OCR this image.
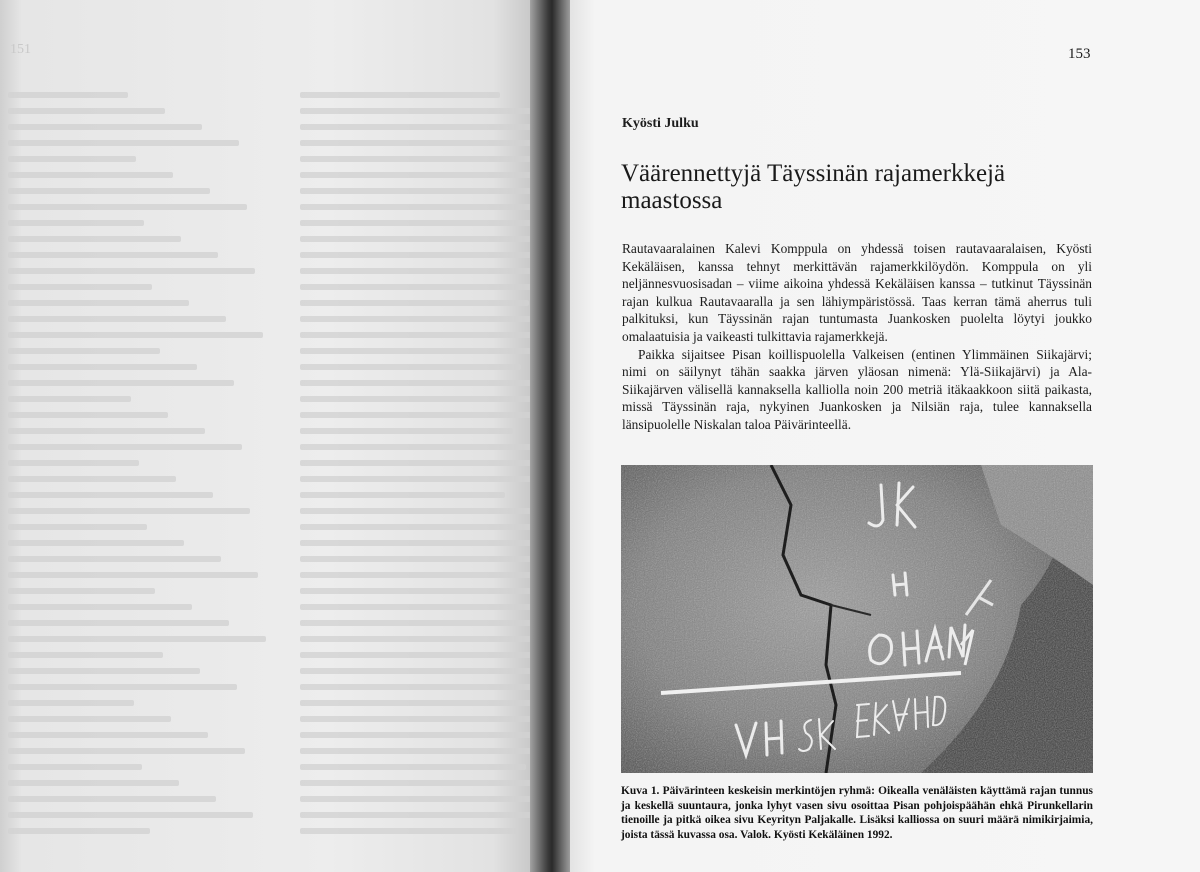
151	153
Kyösti Julku
Väärennettyjä Täyssinän rajamerkkejä maastossa

Rautavaaralainen Kalevi Komppula on yhdessä toisen rautavaaralaisen, Kyösti Kekäläisen, kanssa tehnyt merkittävän rajamerkkilöydön. Komppula on yli neljännesvuosisadan – viime aikoina yhdessä Kekäläisen kanssa – tutkinut Täyssinän rajan kulkua Rautavaaralla ja sen lähiympäristössä. Taas kerran tämä aherrus tuli palkituksi, kun Täyssinän rajan tuntumasta Juankosken puolelta löytyi joukko omalaatuisia ja vaikeasti tulkittavia rajamerkkejä.

Paikka sijaitsee Pisan koillispuolella Valkeisen (entinen Ylimmäinen Siikajärvi; nimi on säilynyt tähän saakka järven yläosan nimenä: Ylä-Siikajärvi) ja Ala-Siikajärven välisellä kannaksella kalliolla noin 200 metriä itäkaakkoon siitä paikasta, missä Täyssinän raja, nykyinen Juankosken ja Nilsiän raja, tulee kannaksella länsipuolelle Niskalan taloa Päivärinteellä.

Kuva 1. Päivärinteen keskeisin merkintöjen ryhmä: Oikealla venäläisten käyttämä rajan tunnus ja keskellä suuntaura, jonka lyhyt vasen sivu osoittaa Pisan pohjoispäähän ehkä Pirunkellarin tienoille ja pitkä oikea sivu Keyrityn Paljakalle. Lisäksi kalliossa on suuri määrä nimikirjaimia, joista tässä kuvassa osa. Valok. Kyösti Kekäläinen 1992.
